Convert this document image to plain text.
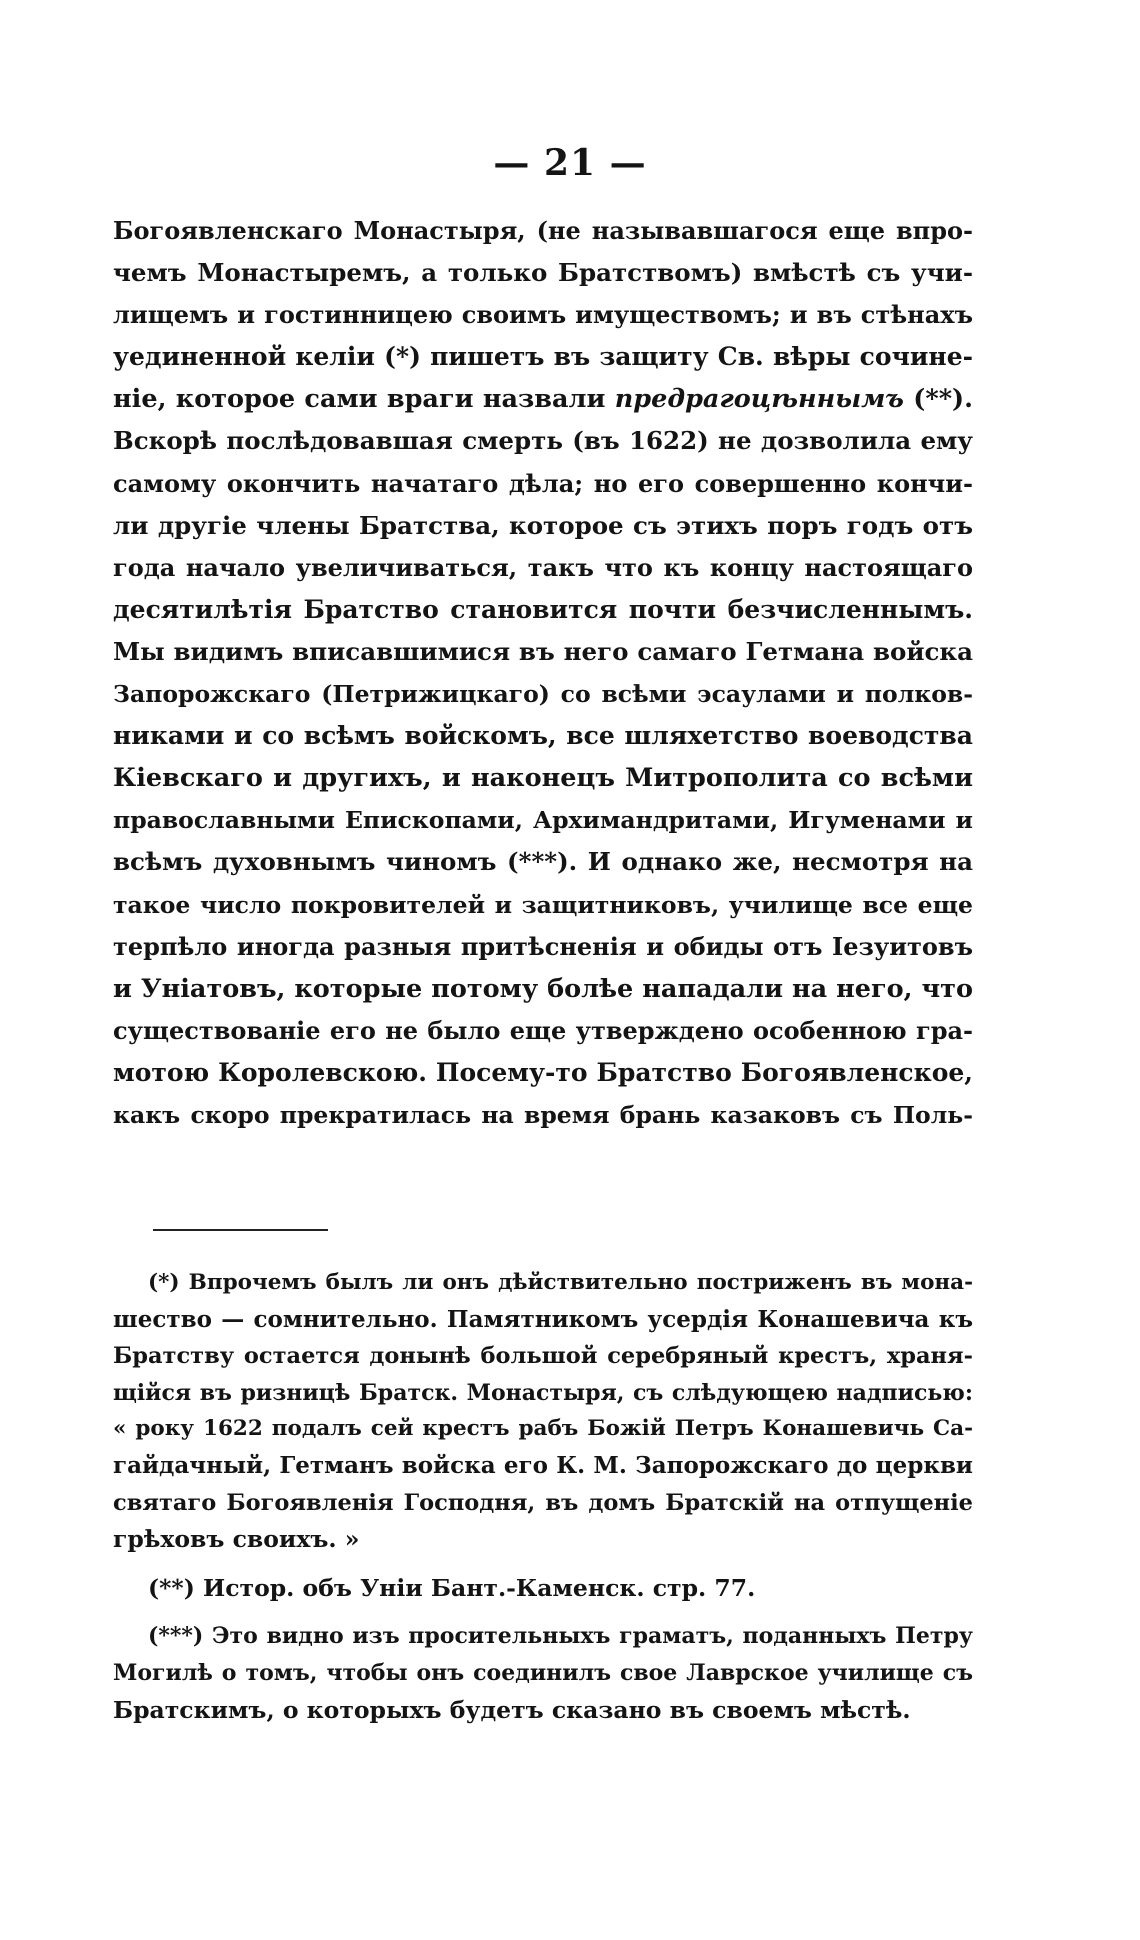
— 21 —
Богоявленскаго Монастыря, (не называвшагося еще впро-
чемъ Монастыремъ, а только Братствомъ) вмѣстѣ съ учи-
лищемъ и гостинницею своимъ имуществомъ; и въ стѣнахъ
уединенной келіи (*) пишетъ въ защиту Св. вѣры сочине-
ніе, которое сами враги назвали предрагоцѣннымъ (**).
Вскорѣ послѣдовавшая смерть (въ 1622) не дозволила ему
самому окончить начатаго дѣла; но его совершенно кончи-
ли другіе члены Братства, которое съ этихъ поръ годъ отъ
года начало увеличиваться, такъ что къ концу настоящаго
десятилѣтія Братство становится почти безчисленнымъ.
Мы видимъ вписавшимися въ него самаго Гетмана войска
Запорожскаго (Петрижицкаго) со всѣми эсаулами и полков-
никами и со всѣмъ войскомъ, все шляхетство воеводства
Кіевскаго и другихъ, и наконецъ Митрополита со всѣми
православными Епископами, Архимандритами, Игуменами и
всѣмъ духовнымъ чиномъ (***). И однако же, несмотря на
такое число покровителей и защитниковъ, училище все еще
терпѣло иногда разныя притѣсненія и обиды отъ Іезуитовъ
и Уніатовъ, которые потому болѣе нападали на него, что
существованіе его не было еще утверждено особенною гра-
мотою Королевскою. Посему-то Братство Богоявленское,
какъ скоро прекратилась на время брань казаковъ съ Поль-
(*) Впрочемъ былъ ли онъ дѣйствительно постриженъ въ мона-
шество — сомнительно. Памятникомъ усердія Конашевича къ
Братству остается донынѣ большой серебряный крестъ, храня-
щійся въ ризницѣ Братск. Монастыря, съ слѣдующею надписью:
« року 1622 подалъ сей крестъ рабъ Божій Петръ Конашевичь Са-
гайдачный, Гетманъ войска его К. М. Запорожскаго до церкви
святаго Богоявленія Господня, въ домъ Братскій на отпущеніе
грѣховъ своихъ. »
(**) Истор. объ Уніи Бант.-Каменск. стр. 77.
(***) Это видно изъ просительныхъ граматъ, поданныхъ Петру
Могилѣ о томъ, чтобы онъ соединилъ свое Лаврское училище съ
Братскимъ, о которыхъ будетъ сказано въ своемъ мѣстѣ.
